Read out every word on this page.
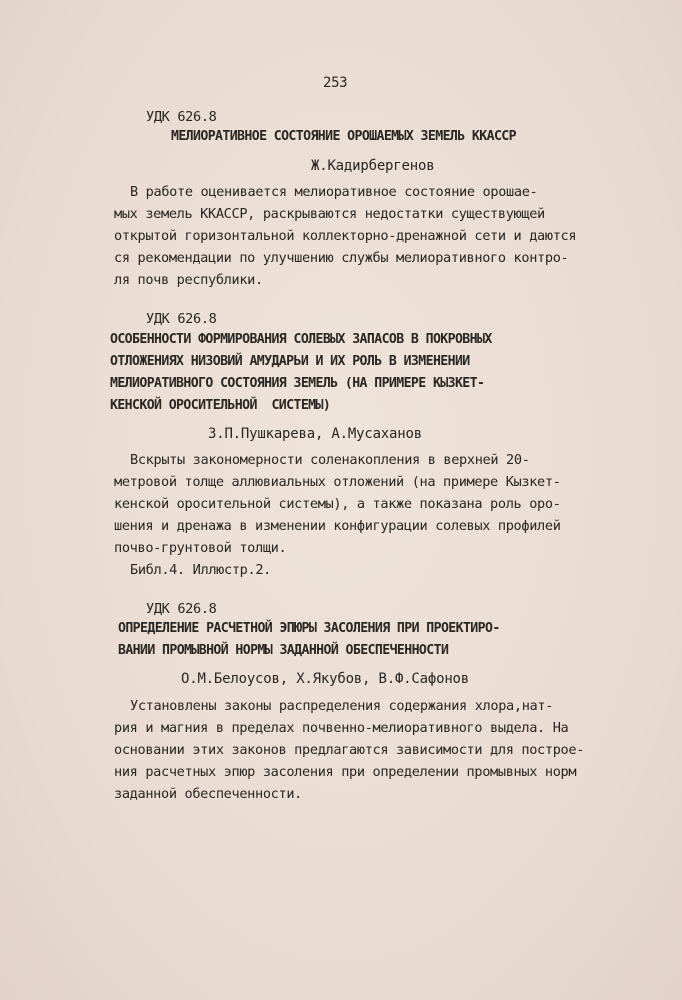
253
УДК 626.8
МЕЛИОРАТИВНОЕ СОСТОЯНИЕ ОРОШАЕМЫХ ЗЕМЕЛЬ ККАССР
Ж.Кадирбергенов
В работе оценивается мелиоративное состояние орошае-
мых земель ККАССР, раскрываются недостатки существующей
открытой горизонтальной коллекторно-дренажной сети и даются
ся рекомендации по улучшению службы мелиоративного контро-
ля почв республики.
УДК 626.8
ОСОБЕННОСТИ ФОРМИРОВАНИЯ СОЛЕВЫХ ЗАПАСОВ В ПОКРОВНЫХ
ОТЛОЖЕНИЯХ НИЗОВИЙ АМУДАРЬИ И ИХ РОЛЬ В ИЗМЕНЕНИИ
МЕЛИОРАТИВНОГО СОСТОЯНИЯ ЗЕМЕЛЬ (НА ПРИМЕРЕ КЫЗКЕТ-
КЕНСКОЙ ОРОСИТЕЛЬНОЙ  СИСТЕМЫ)
З.П.Пушкарева, А.Мусаханов
Вскрыты закономерности соленакопления в верхней 20-
метровой толще аллювиальных отложений (на примере Кызкет-
кенской оросительной системы), а также показана роль оро-
шения и дренажа в изменении конфигурации солевых профилей
почво-грунтовой толщи.
Библ.4. Иллюстр.2.
УДК 626.8
ОПРЕДЕЛЕНИЕ РАСЧЕТНОЙ ЭПЮРЫ ЗАСОЛЕНИЯ ПРИ ПРОЕКТИРО-
ВАНИИ ПРОМЫВНОЙ НОРМЫ ЗАДАННОЙ ОБЕСПЕЧЕННОСТИ
О.М.Белоусов, Х.Якубов, В.Ф.Сафонов
Установлены законы распределения содержания хлора,нат-
рия и магния в пределах почвенно-мелиоративного выдела. На
основании этих законов предлагаются зависимости для построе-
ния расчетных эпюр засоления при определении промывных норм
заданной обеспеченности.
